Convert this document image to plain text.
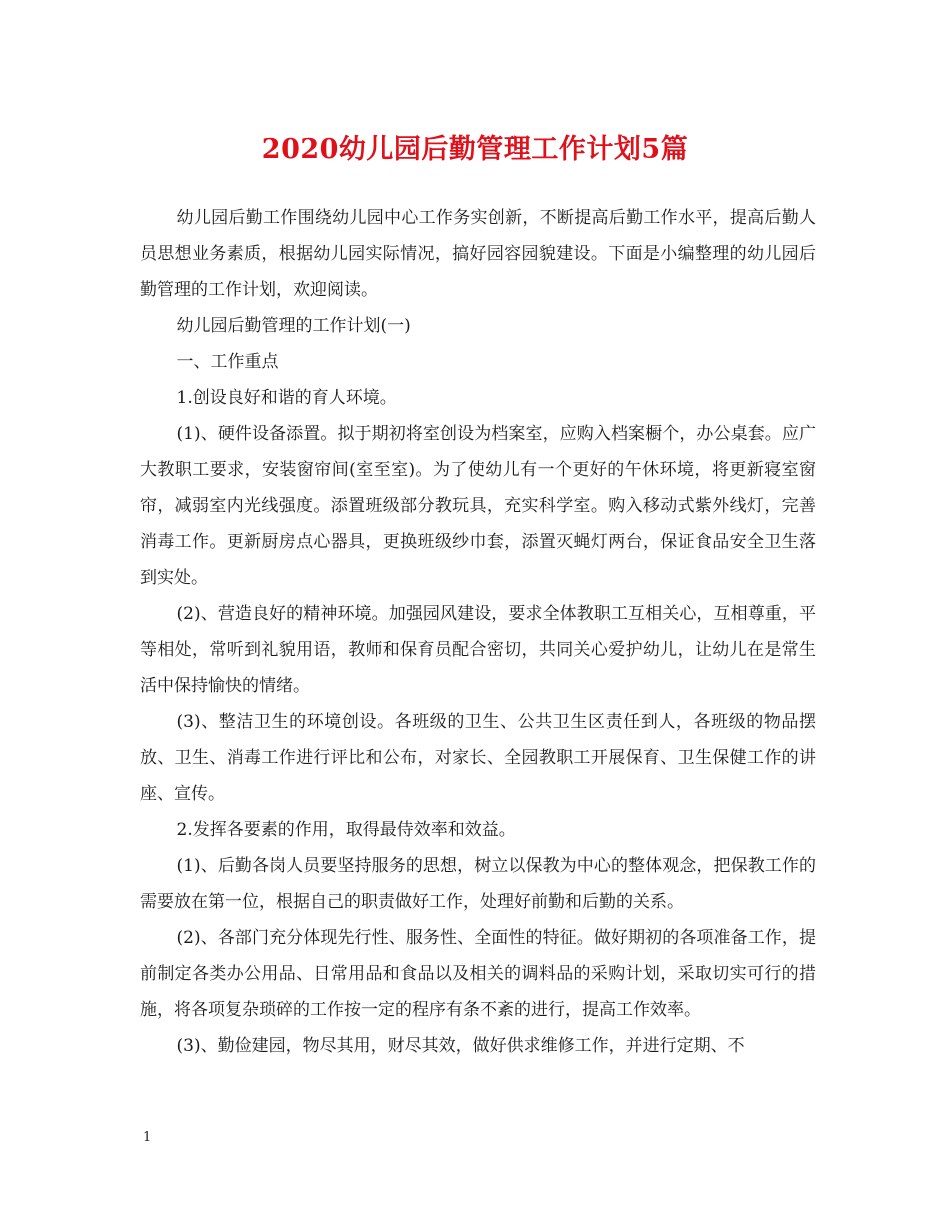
2020幼儿园后勤管理工作计划5篇

幼儿园后勤工作围绕幼儿园中心工作务实创新，不断提高后勤工作水平，提高后勤人员思想业务素质，根据幼儿园实际情况，搞好园容园貌建设。下面是小编整理的幼儿园后勤管理的工作计划，欢迎阅读。

幼儿园后勤管理的工作计划(一)

一、工作重点

1.创设良好和谐的育人环境。

(1)、硬件设备添置。拟于期初将室创设为档案室，应购入档案橱个，办公桌套。应广大教职工要求，安装窗帘间(室至室)。为了使幼儿有一个更好的午休环境，将更新寝室窗帘，减弱室内光线强度。添置班级部分教玩具，充实科学室。购入移动式紫外线灯，完善消毒工作。更新厨房点心器具，更换班级纱巾套，添置灭蝇灯两台，保证食品安全卫生落到实处。

(2)、营造良好的精神环境。加强园风建设，要求全体教职工互相关心，互相尊重，平等相处，常听到礼貌用语，教师和保育员配合密切，共同关心爱护幼儿，让幼儿在是常生活中保持愉快的情绪。

(3)、整洁卫生的环境创设。各班级的卫生、公共卫生区责任到人，各班级的物品摆放、卫生、消毒工作进行评比和公布，对家长、全园教职工开展保育、卫生保健工作的讲座、宣传。

2.发挥各要素的作用，取得最侍效率和效益。

(1)、后勤各岗人员要坚持服务的思想，树立以保教为中心的整体观念，把保教工作的需要放在第一位，根据自己的职责做好工作，处理好前勤和后勤的关系。

(2)、各部门充分体现先行性、服务性、全面性的特征。做好期初的各项准备工作，提前制定各类办公用品、日常用品和食品以及相关的调料品的采购计划，采取切实可行的措施，将各项复杂琐碎的工作按一定的程序有条不紊的进行，提高工作效率。

(3)、勤俭建园，物尽其用，财尽其效，做好供求维修工作，并进行定期、不

1
